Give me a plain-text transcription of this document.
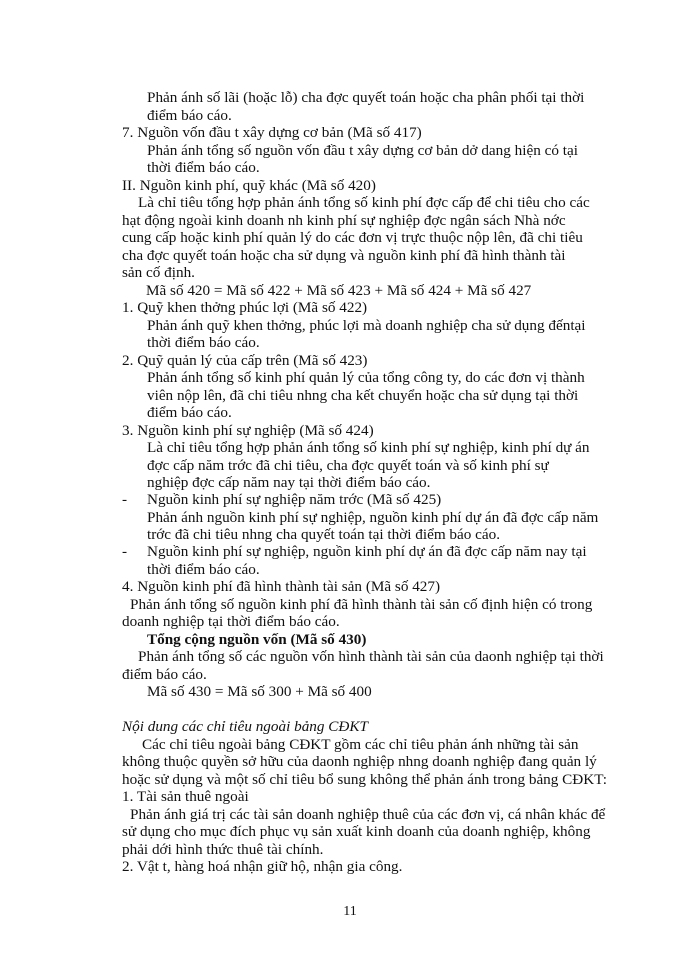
Phản ánh số lãi (hoặc lỗ) cha đợc quyết toán hoặc cha phân phối tại thời
điểm báo cáo.
7. Nguồn vốn đầu t xây dựng cơ bản (Mã số 417)
Phản ánh tổng số nguồn vốn đầu t xây dựng cơ bản dở dang hiện có tại
thời điểm báo cáo.
II. Nguồn kinh phí, quỹ khác (Mã số 420)
Là chỉ tiêu tổng hợp phản ánh tổng số kinh phí đợc cấp để chi tiêu cho các
hạt động ngoài kinh doanh nh kinh phí sự nghiệp đợc ngân sách Nhà nớc
cung cấp hoặc kinh phí quản lý do các đơn vị trực thuộc nộp lên, đã chi tiêu
cha đợc quyết toán hoặc cha sử dụng và nguồn kinh phí đã hình thành tài
sản cố định.
Mã số 420 = Mã số 422 + Mã số 423 + Mã số 424 + Mã số 427
1. Quỹ khen thởng phúc lợi (Mã số 422)
Phản ánh quỹ khen thởng, phúc lợi mà doanh nghiệp cha sử dụng đếntại
thời điểm báo cáo.
2. Quỹ quản lý của cấp trên (Mã số 423)
Phản ánh tổng số kinh phí quản lý của tổng công ty, do các đơn vị thành
viên nộp lên, đã chi tiêu nhng cha kết chuyển hoặc cha sử dụng tại thời
điểm báo cáo.
3. Nguồn kinh phí sự nghiệp (Mã số 424)
Là chỉ tiêu tổng hợp phản ánh tổng số kinh phí sự nghiệp, kinh phí dự án
đợc cấp năm trớc đã chi tiêu, cha đợc quyết toán và số kinh phí sự
nghiệp đợc cấp năm nay tại thời điểm báo cáo.
- Nguồn kinh phí sự nghiệp năm trớc (Mã số 425)
Phản ánh nguồn kinh phí sự nghiệp, nguồn kinh phí dự án đã đợc cấp năm
trớc đã chi tiêu nhng cha quyết toán tại thời điểm báo cáo.
- Nguồn kinh phí sự nghiệp, nguồn kinh phí dự án đã đợc cấp năm nay tại
thời điểm báo cáo.
4. Nguồn kinh phí đã hình thành tài sản (Mã số 427)
Phản ánh tổng số nguồn kinh phí đã hình thành tài sản cố định hiện có trong
doanh nghiệp tại thời điểm báo cáo.
Tổng cộng nguồn vốn (Mã số 430)
Phản ánh tổng số các nguồn vốn hình thành tài sản của daonh nghiệp tại thời
điểm báo cáo.
Mã số 430 = Mã số 300 + Mã số 400
Nội dung các chỉ tiêu ngoài bảng CĐKT
Các chỉ tiêu ngoài bảng CĐKT gồm các chỉ tiêu phản ánh những tài sản
không thuộc quyền sở hữu của daonh nghiệp nhng doanh nghiệp đang quản lý
hoặc sử dụng và một số chỉ tiêu bổ sung không thể phản ánh trong bảng CĐKT:
1. Tài sản thuê ngoài
Phản ánh giá trị các tài sản doanh nghiệp thuê của các đơn vị, cá nhân khác để
sử dụng cho mục đích phục vụ sản xuất kinh doanh của doanh nghiệp, không
phải dới hình thức thuê tài chính.
2. Vật t, hàng hoá nhận giữ hộ, nhận gia công.
11
